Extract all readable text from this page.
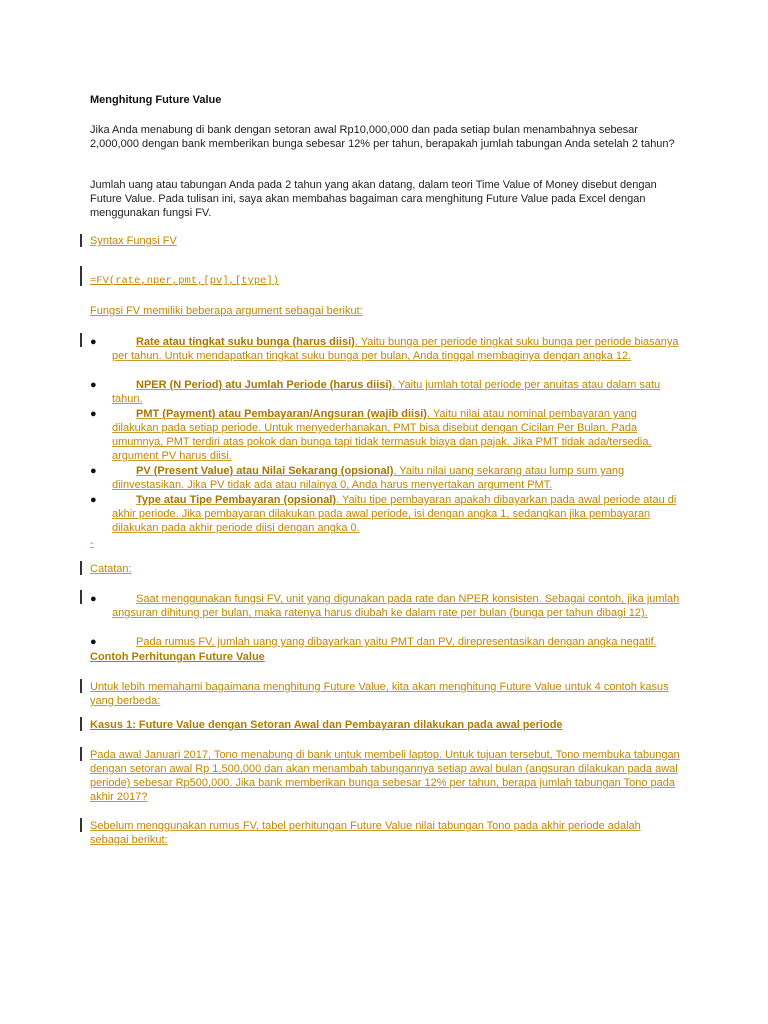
Menghitung Future Value
Jika Anda menabung di bank dengan setoran awal Rp10,000,000 dan pada setiap bulan menambahnya sebesar 2,000,000 dengan bank memberikan bunga sebesar 12% per tahun, berapakah jumlah tabungan Anda setelah 2 tahun?
Jumlah uang atau tabungan Anda pada 2 tahun yang akan datang, dalam teori Time Value of Money disebut dengan Future Value. Pada tulisan ini, saya akan membahas bagaiman cara menghitung Future Value pada Excel dengan menggunakan fungsi FV.
Syntax Fungsi FV
=FV(rate,nper,pmt,[pv],[type])
Fungsi FV memiliki beberapa argument sebagai berikut:
●	Rate atau tingkat suku bunga (harus diisi). Yaitu bunga per periode tingkat suku bunga per periode biasanya per tahun. Untuk mendapatkan tingkat suku bunga per bulan, Anda tinggal membaginya dengan angka 12.
●	NPER (N Period) atu Jumlah Periode (harus diisi). Yaitu jumlah total periode per anuitas atau dalam satu tahun.
●	PMT (Payment) atau Pembayaran/Angsuran (wajib diisi). Yaitu nilai atau nominal pembayaran yang dilakukan pada setiap periode. Untuk menyederhanakan, PMT bisa disebut dengan Cicilan Per Bulan. Pada umumnya, PMT terdiri atas pokok dan bunga tapi tidak termasuk biaya dan pajak. Jika PMT tidak ada/tersedia, argument PV harus diisi.
●	PV (Present Value) atau Nilai Sekarang (opsional). Yaitu nilai uang sekarang atau lump sum yang diinvestasikan. Jika PV tidak ada atau nilainya 0, Anda harus menyertakan argument PMT.
●	Type atau Tipe Pembayaran (opsional). Yaitu tipe pembayaran apakah dibayarkan pada awal periode atau di akhir periode. Jika pembayaran dilakukan pada awal periode, isi dengan angka 1, sedangkan jika pembayaran dilakukan pada akhir periode diisi dengan angka 0.
-
Catatan:
●	Saat menggunakan fungsi FV, unit yang digunakan pada rate dan NPER konsisten. Sebagai contoh, jika jumlah angsuran dihitung per bulan, maka ratenya harus diubah ke dalam rate per bulan (bunga per tahun dibagi 12).
●	Pada rumus FV, jumlah uang yang dibayarkan yaitu PMT dan PV, direpresentasikan dengan angka negatif.
Contoh Perhitungan Future Value
Untuk lebih memahami bagaimana menghitung Future Value, kita akan menghitung Future Value untuk 4 contoh kasus yang berbeda:
Kasus 1: Future Value dengan Setoran Awal dan Pembayaran dilakukan pada awal periode
Pada awal Januari 2017, Tono menabung di bank untuk membeli laptop. Untuk tujuan tersebut, Tono membuka tabungan dengan setoran awal Rp 1,500,000 dan akan menambah tabungannya setiap awal bulan (angsuran dilakukan pada awal periode) sebesar Rp500,000. Jika bank memberikan bunga sebesar 12% per tahun, berapa jumlah tabungan Tono pada akhir 2017?
Sebelum menggunakan rumus FV, tabel perhitungan Future Value nilai tabungan Tono pada akhir periode adalah sebagai berikut:
